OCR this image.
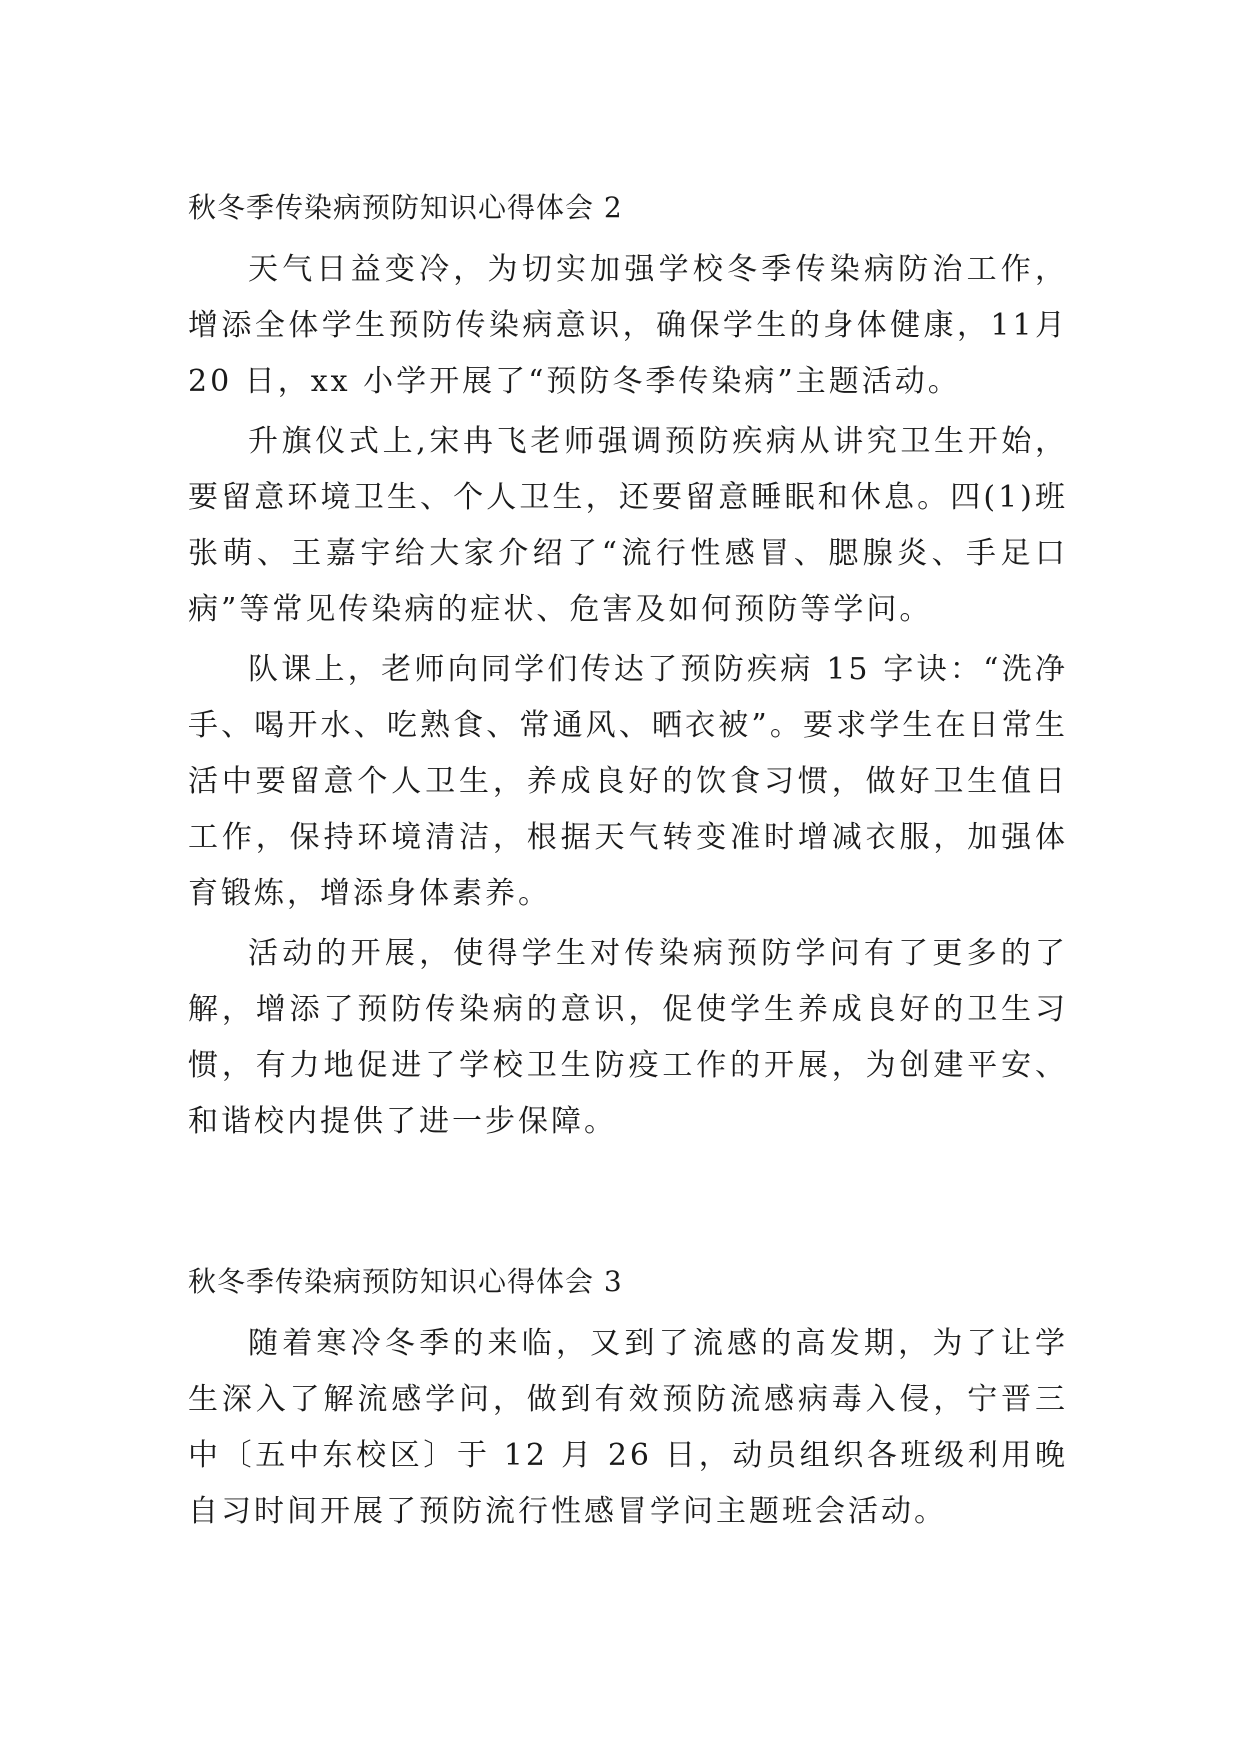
秋冬季传染病预防知识心得体会 2

天气日益变冷，为切实加强学校冬季传染病防治工作，增添全体学生预防传染病意识，确保学生的身体健康，11月 20 日，xx 小学开展了“预防冬季传染病”主题活动。

升旗仪式上,宋冉飞老师强调预防疾病从讲究卫生开始，要留意环境卫生、个人卫生，还要留意睡眠和休息。四(1)班张萌、王嘉宇给大家介绍了“流行性感冒、腮腺炎、手足口病”等常见传染病的症状、危害及如何预防等学问。

队课上，老师向同学们传达了预防疾病 15 字诀：“洗净手、喝开水、吃熟食、常通风、晒衣被”。要求学生在日常生活中要留意个人卫生，养成良好的饮食习惯，做好卫生值日工作，保持环境清洁，根据天气转变准时增减衣服，加强体育锻炼，增添身体素养。

活动的开展，使得学生对传染病预防学问有了更多的了解，增添了预防传染病的意识，促使学生养成良好的卫生习惯，有力地促进了学校卫生防疫工作的开展，为创建平安、和谐校内提供了进一步保障。

秋冬季传染病预防知识心得体会 3

随着寒冷冬季的来临，又到了流感的高发期，为了让学生深入了解流感学问，做到有效预防流感病毒入侵，宁晋三中〔五中东校区〕于 12 月 26 日，动员组织各班级利用晚自习时间开展了预防流行性感冒学问主题班会活动。
